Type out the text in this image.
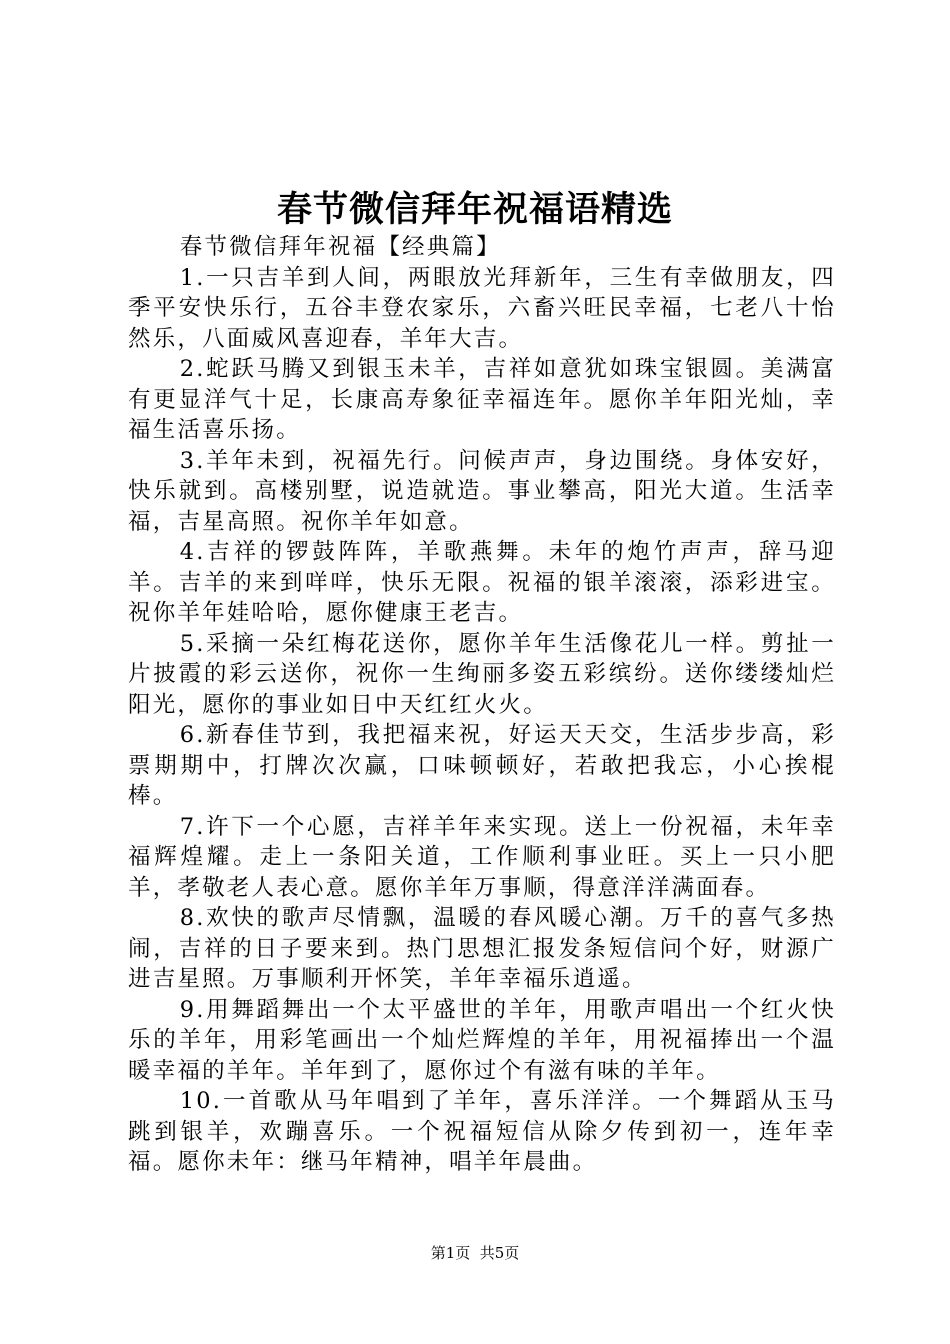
春节微信拜年祝福语精选

春节微信拜年祝福【经典篇】

1.一只吉羊到人间，两眼放光拜新年，三生有幸做朋友，四季平安快乐行，五谷丰登农家乐，六畜兴旺民幸福，七老八十怡然乐，八面威风喜迎春，羊年大吉。

2.蛇跃马腾又到银玉未羊，吉祥如意犹如珠宝银圆。美满富有更显洋气十足，长康高寿象征幸福连年。愿你羊年阳光灿，幸福生活喜乐扬。

3.羊年未到，祝福先行。问候声声，身边围绕。身体安好，快乐就到。高楼别墅，说造就造。事业攀高，阳光大道。生活幸福，吉星高照。祝你羊年如意。

4.吉祥的锣鼓阵阵，羊歌燕舞。未年的炮竹声声，辞马迎羊。吉羊的来到咩咩，快乐无限。祝福的银羊滚滚，添彩进宝。祝你羊年娃哈哈，愿你健康王老吉。

5.采摘一朵红梅花送你，愿你羊年生活像花儿一样。剪扯一片披霞的彩云送你，祝你一生绚丽多姿五彩缤纷。送你缕缕灿烂阳光，愿你的事业如日中天红红火火。

6.新春佳节到，我把福来祝，好运天天交，生活步步高，彩票期期中，打牌次次赢，口味顿顿好，若敢把我忘，小心挨棍棒。

7.许下一个心愿，吉祥羊年来实现。送上一份祝福，未年幸福辉煌耀。走上一条阳关道，工作顺利事业旺。买上一只小肥羊，孝敬老人表心意。愿你羊年万事顺，得意洋洋满面春。

8.欢快的歌声尽情飘，温暖的春风暖心潮。万千的喜气多热闹，吉祥的日子要来到。热门思想汇报发条短信问个好，财源广进吉星照。万事顺利开怀笑，羊年幸福乐逍遥。

9.用舞蹈舞出一个太平盛世的羊年，用歌声唱出一个红火快乐的羊年，用彩笔画出一个灿烂辉煌的羊年，用祝福捧出一个温暖幸福的羊年。羊年到了，愿你过个有滋有味的羊年。

10.一首歌从马年唱到了羊年，喜乐洋洋。一个舞蹈从玉马跳到银羊，欢蹦喜乐。一个祝福短信从除夕传到初一，连年幸福。愿你未年：继马年精神，唱羊年晨曲。

第1页  共5页
